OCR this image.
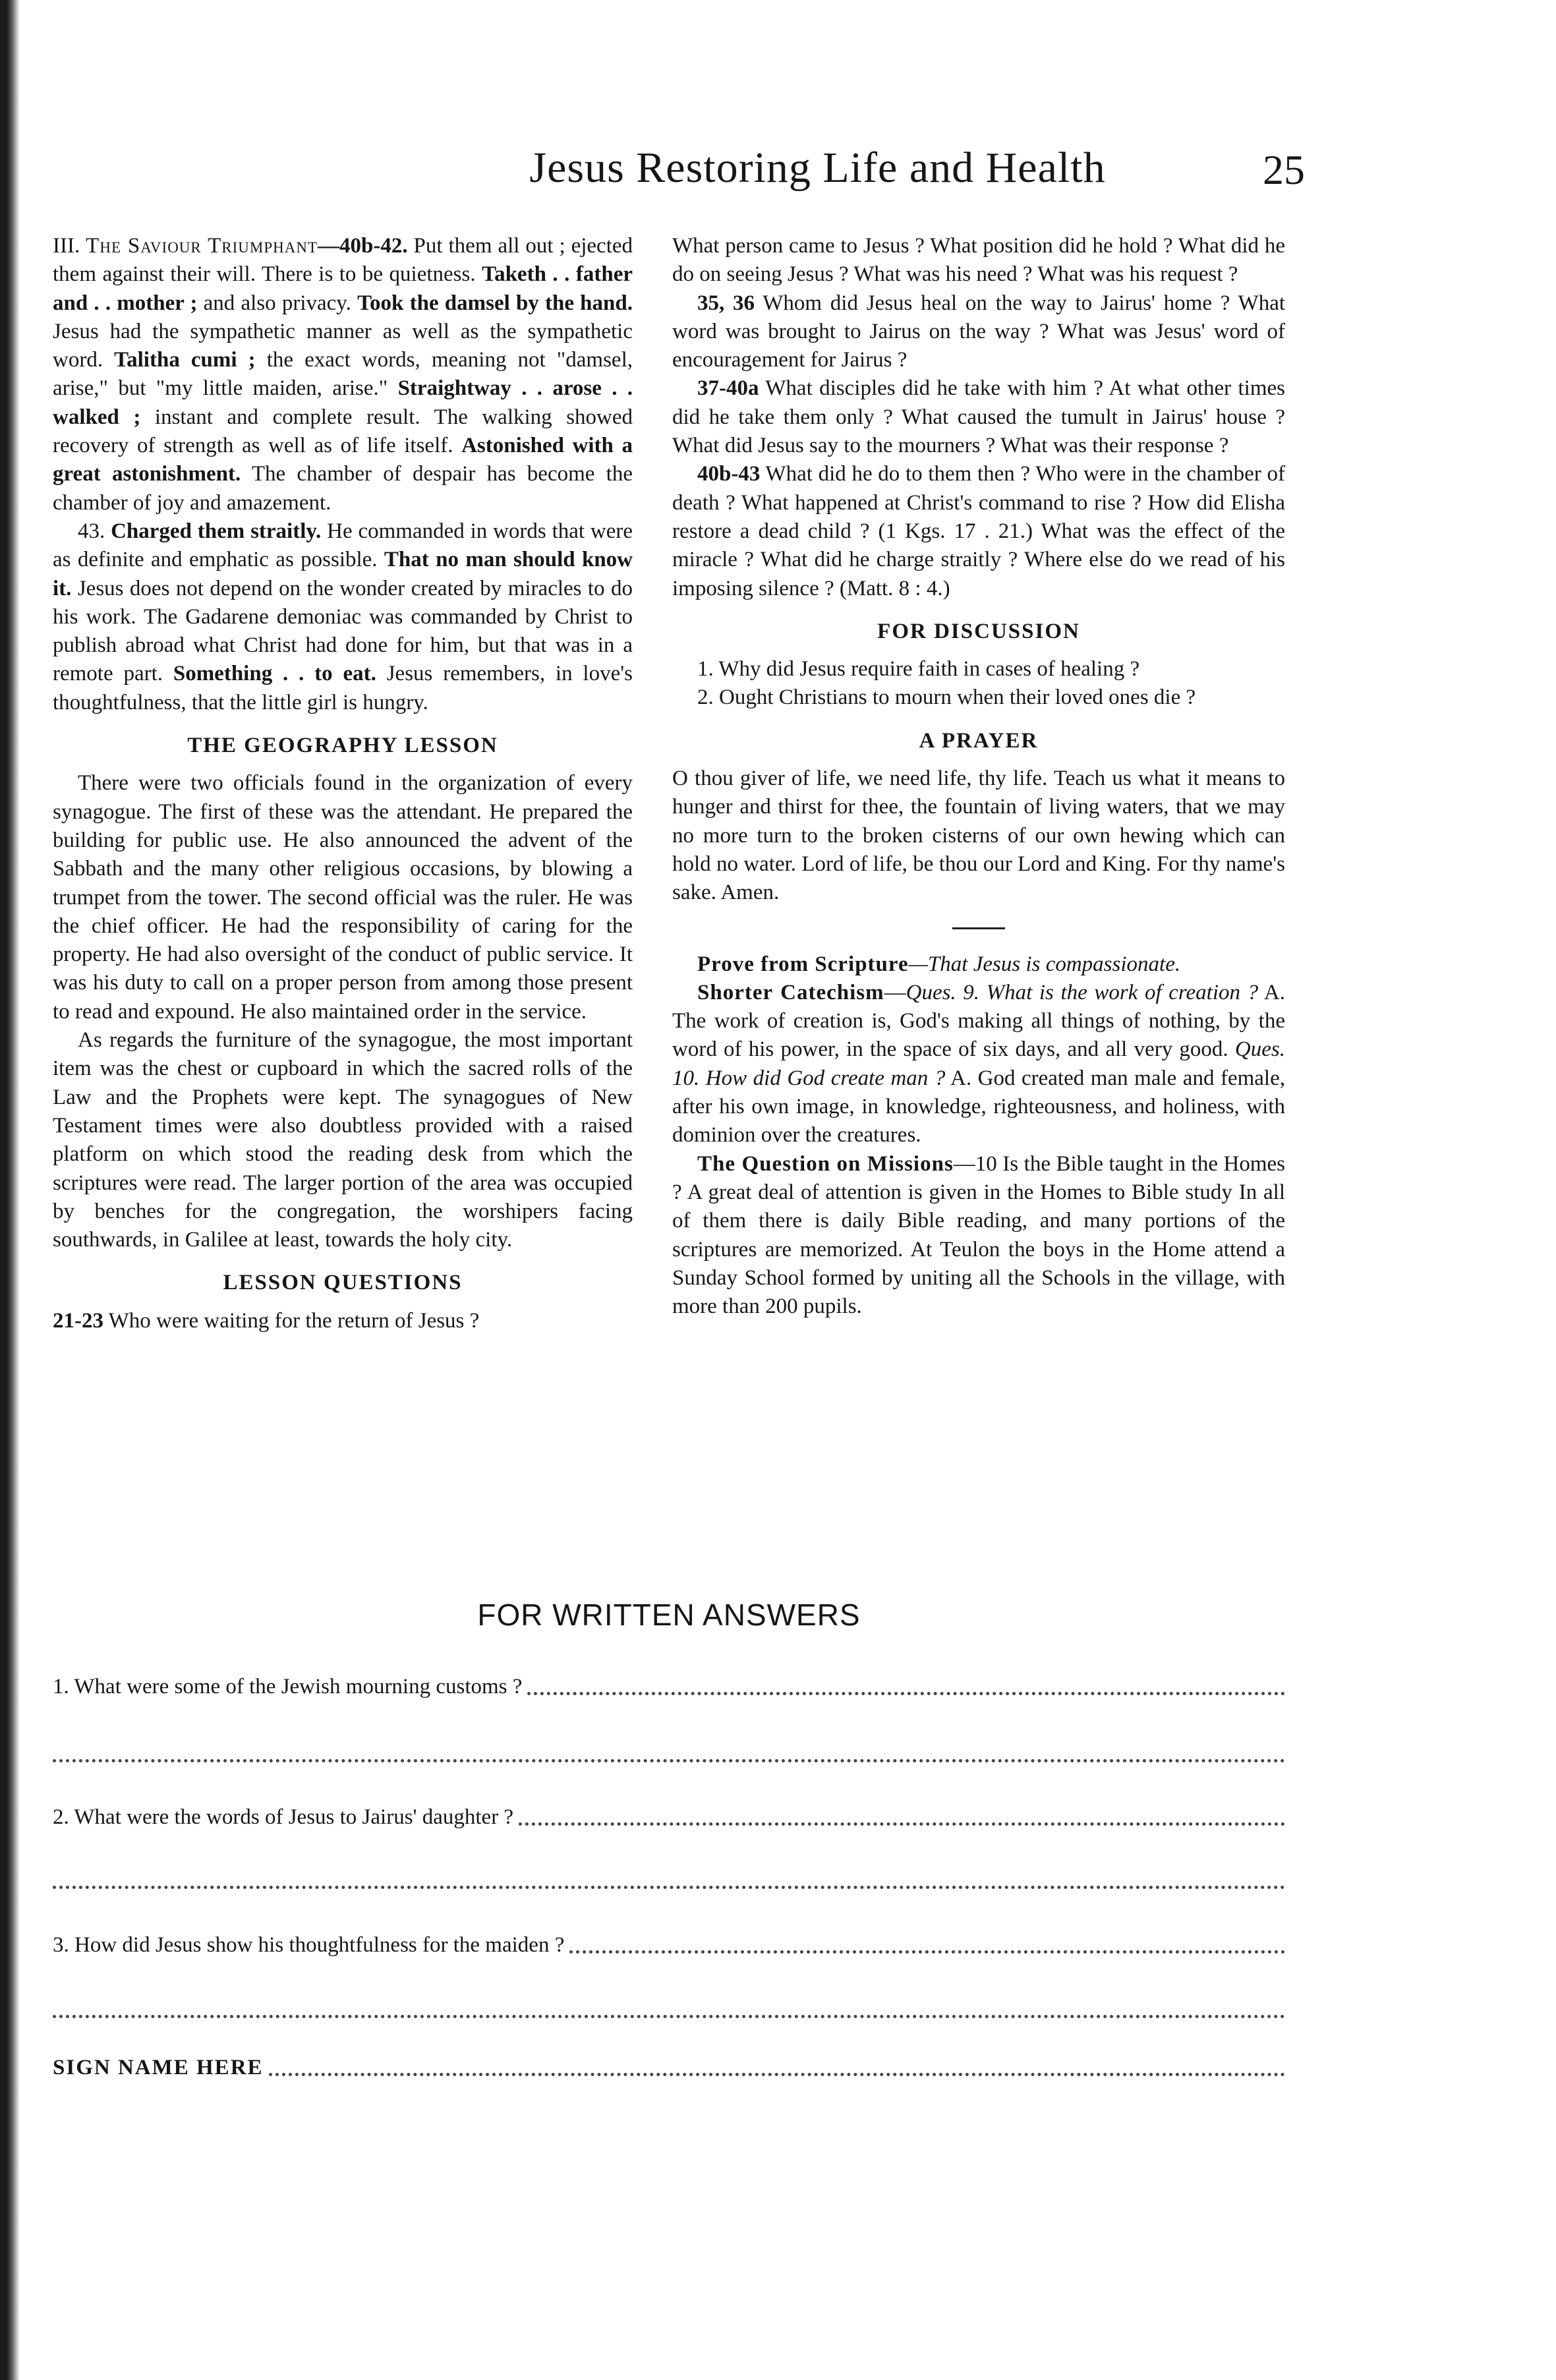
Jesus Restoring Life and Health	25

III. The Saviour Triumphant—40b-42. Put them all out ; ejected them against their will. There is to be quietness. Taketh . . father and . . mother ; and also privacy. Took the damsel by the hand. Jesus had the sympathetic manner as well as the sympathetic word. Talitha cumi ; the exact words, meaning not "damsel, arise," but "my little maiden, arise." Straightway . . arose . . walked ; instant and complete result. The walking showed recovery of strength as well as of life itself. Astonished with a great astonishment. The chamber of despair has become the chamber of joy and amazement.

43. Charged them straitly. He commanded in words that were as definite and emphatic as possible. That no man should know it. Jesus does not depend on the wonder created by miracles to do his work. The Gadarene demoniac was commanded by Christ to publish abroad what Christ had done for him, but that was in a remote part. Something . . to eat. Jesus remembers, in love's thoughtfulness, that the little girl is hungry.

THE GEOGRAPHY LESSON

There were two officials found in the organization of every synagogue. The first of these was the attendant. He prepared the building for public use. He also announced the advent of the Sabbath and the many other religious occasions, by blowing a trumpet from the tower. The second official was the ruler. He was the chief officer. He had the responsibility of caring for the property. He had also oversight of the conduct of public service. It was his duty to call on a proper person from among those present to read and expound. He also maintained order in the service.

As regards the furniture of the synagogue, the most important item was the chest or cupboard in which the sacred rolls of the Law and the Prophets were kept. The synagogues of New Testament times were also doubtless provided with a raised platform on which stood the reading desk from which the scriptures were read. The larger portion of the area was occupied by benches for the congregation, the worshipers facing southwards, in Galilee at least, towards the holy city.

LESSON QUESTIONS

21-23 Who were waiting for the return of Jesus ?

What person came to Jesus ? What position did he hold ? What did he do on seeing Jesus ? What was his need ? What was his request ?

35, 36 Whom did Jesus heal on the way to Jairus' home ? What word was brought to Jairus on the way ? What was Jesus' word of encouragement for Jairus ?

37-40a What disciples did he take with him ? At what other times did he take them only ? What caused the tumult in Jairus' house ? What did Jesus say to the mourners ? What was their response ?

40b-43 What did he do to them then ? Who were in the chamber of death ? What happened at Christ's command to rise ? How did Elisha restore a dead child ? (1 Kgs. 17 . 21.) What was the effect of the miracle ? What did he charge straitly ? Where else do we read of his imposing silence ? (Matt. 8 : 4.)

FOR DISCUSSION

1. Why did Jesus require faith in cases of healing ?

2. Ought Christians to mourn when their loved ones die ?

A PRAYER

O thou giver of life, we need life, thy life. Teach us what it means to hunger and thirst for thee, the fountain of living waters, that we may no more turn to the broken cisterns of our own hewing which can hold no water. Lord of life, be thou our Lord and King. For thy name's sake. Amen.

Prove from Scripture—That Jesus is compassionate.

Shorter Catechism—Ques. 9. What is the work of creation ? A. The work of creation is, God's making all things of nothing, by the word of his power, in the space of six days, and all very good. Ques. 10. How did God create man ? A. God created man male and female, after his own image, in knowledge, righteousness, and holiness, with dominion over the creatures.

The Question on Missions—10 Is the Bible taught in the Homes ? A great deal of attention is given in the Homes to Bible study In all of them there is daily Bible reading, and many portions of the scriptures are memorized. At Teulon the boys in the Home attend a Sunday School formed by uniting all the Schools in the village, with more than 200 pupils.

FOR WRITTEN ANSWERS
1. What were some of the Jewish mourning customs ?
2. What were the words of Jesus to Jairus' daughter ?
3. How did Jesus show his thoughtfulness for the maiden ?
SIGN NAME HERE
